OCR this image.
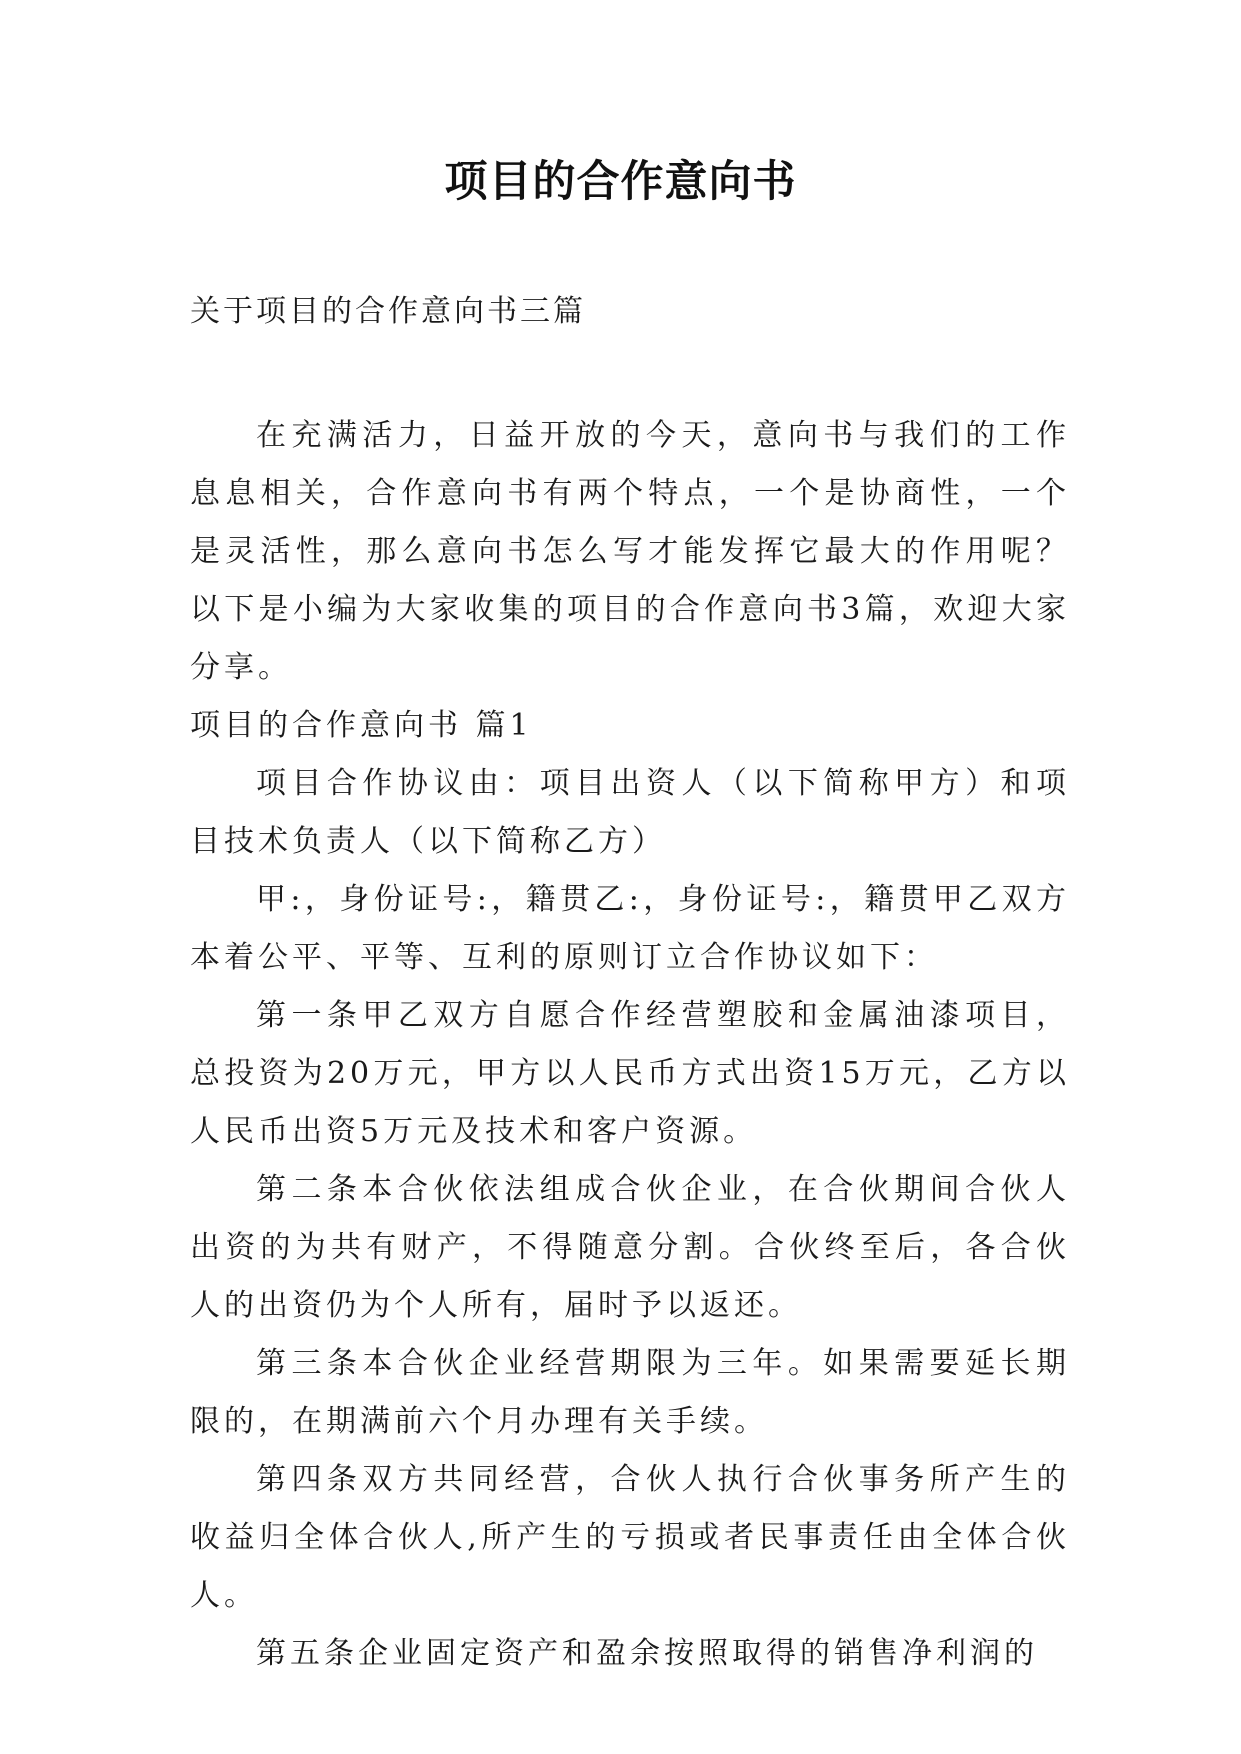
项目的合作意向书
关于项目的合作意向书三篇

在充满活力，日益开放的今天，意向书与我们的工作息息相关，合作意向书有两个特点，一个是协商性，一个是灵活性，那么意向书怎么写才能发挥它最大的作用呢？以下是小编为大家收集的项目的合作意向书3篇，欢迎大家分享。

项目的合作意向书 篇1

项目合作协议由：项目出资人（以下简称甲方）和项目技术负责人（以下简称乙方）

甲:，身份证号:，籍贯乙:，身份证号:，籍贯甲乙双方本着公平、平等、互利的原则订立合作协议如下：

第一条甲乙双方自愿合作经营塑胶和金属油漆项目，总投资为20万元，甲方以人民币方式出资15万元，乙方以人民币出资5万元及技术和客户资源。

第二条本合伙依法组成合伙企业，在合伙期间合伙人出资的为共有财产，不得随意分割。合伙终至后，各合伙人的出资仍为个人所有，届时予以返还。

第三条本合伙企业经营期限为三年。如果需要延长期限的，在期满前六个月办理有关手续。

第四条双方共同经营，合伙人执行合伙事务所产生的收益归全体合伙人,所产生的亏损或者民事责任由全体合伙人。

第五条企业固定资产和盈余按照取得的销售净利润的
